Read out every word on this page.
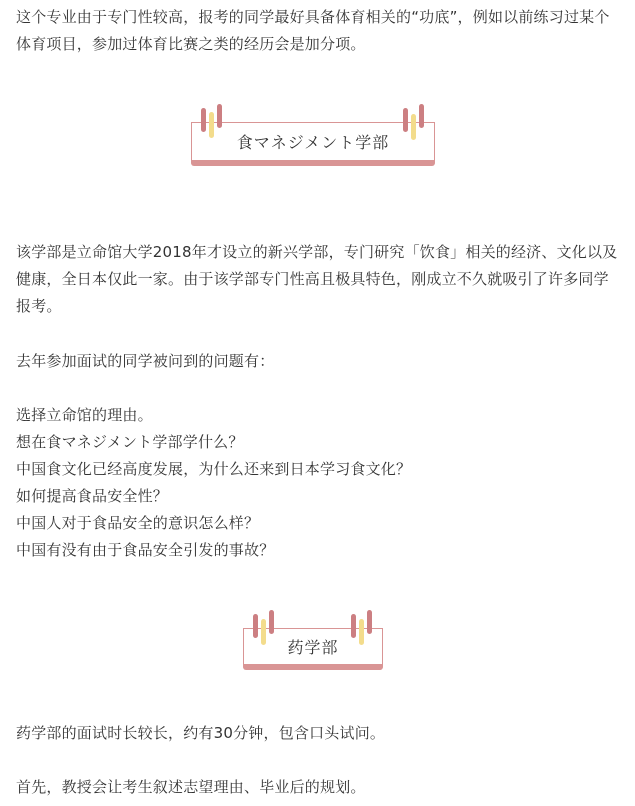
这个专业由于专门性较高，报考的同学最好具备体育相关的“功底”，例如以前练习过某个体育项目，参加过体育比赛之类的经历会是加分项。

食マネジメント学部

该学部是立命馆大学2018年才设立的新兴学部，专门研究「饮食」相关的经济、文化以及健康，全日本仅此一家。由于该学部专门性高且极具特色，刚成立不久就吸引了许多同学报考。

去年参加面试的同学被问到的问题有：
选择立命馆的理由。
想在食マネジメント学部学什么？
中国食文化已经高度发展，为什么还来到日本学习食文化？
如何提高食品安全性？
中国人对于食品安全的意识怎么样？
中国有没有由于食品安全引发的事故？
药学部
药学部的面试时长较长，约有30分钟，包含口头试问。
首先，教授会让考生叙述志望理由、毕业后的规划。
